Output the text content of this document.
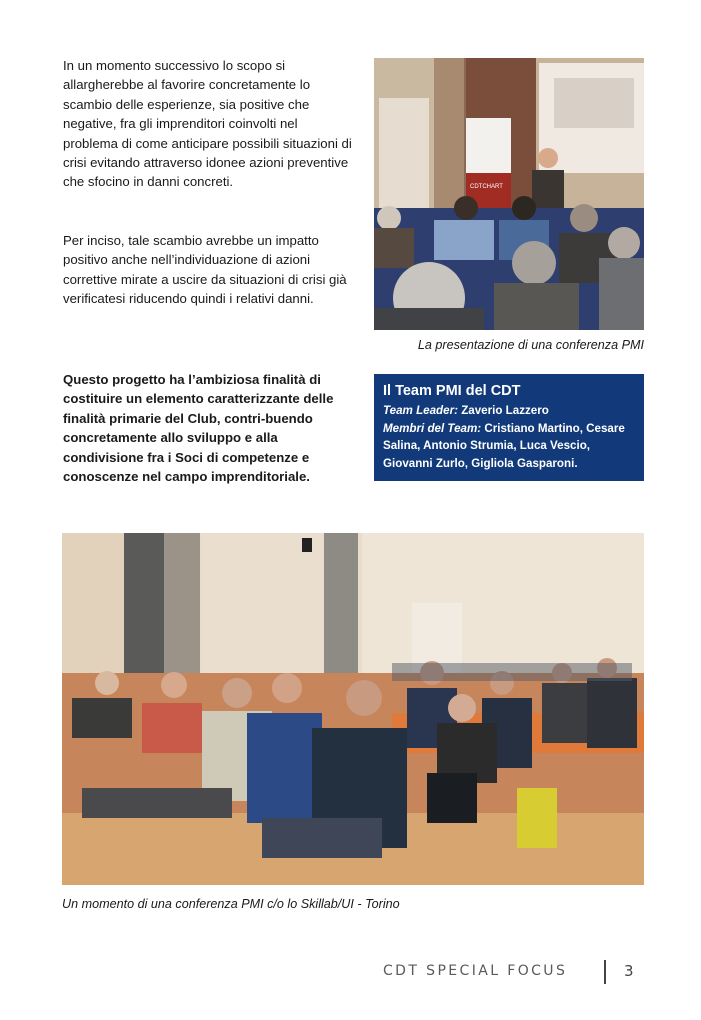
In un momento successivo lo scopo si allargherebbe al favorire concretamente lo scambio delle esperienze, sia positive che negative, fra gli imprenditori coinvolti nel problema di come anticipare possibili situazioni di crisi evitando attraverso idonee azioni preventive che sfocino in danni concreti.

Per inciso, tale scambio avrebbe un impatto positivo anche nell’individuazione di azioni correttive mirate a uscire da situazioni di crisi già verificatesi riducendo quindi i relativi danni.

Questo progetto ha l’ambiziosa finalità di costituire un elemento caratterizzante delle finalità primarie del Club, contri-buendo concretamente allo sviluppo e alla condivisione fra i Soci di competenze e conoscenze nel campo imprenditoriale.

CDTCHART

La presentazione di una conferenza PMI

Il Team PMI del CDT

Team Leader: Zaverio Lazzero

Membri del Team: Cristiano Martino, Cesare Salina, Antonio Strumia, Luca Vescio, Giovanni Zurlo, Gigliola Gasparoni.

Un momento di una conferenza PMI c/o lo Skillab/UI - Torino

CDT SPECIAL FOCUS	3
